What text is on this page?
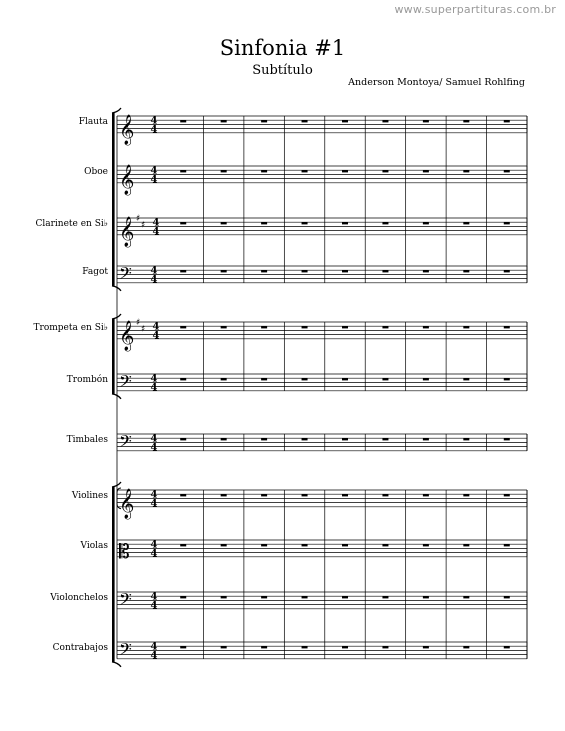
www.superpartituras.com.br
Sinfonia #1
Subtítulo
Anderson Montoya/ Samuel Rohlfing
𝄞 4
4
𝄞 4
4
𝄞 ♯
♯ 4
4
𝄢 4
4
𝄞 ♯
♯ 4
4
𝄢 4
4
𝄢 4
4
𝄞 4
4
𝄡 4
4
𝄢 4
4
𝄢 4
4
Flauta
Oboe
Clarinete en Si♭
Fagot
Trompeta en Si♭
Trombón
Timbales
Violines
Violas
Violonchelos
Contrabajos
